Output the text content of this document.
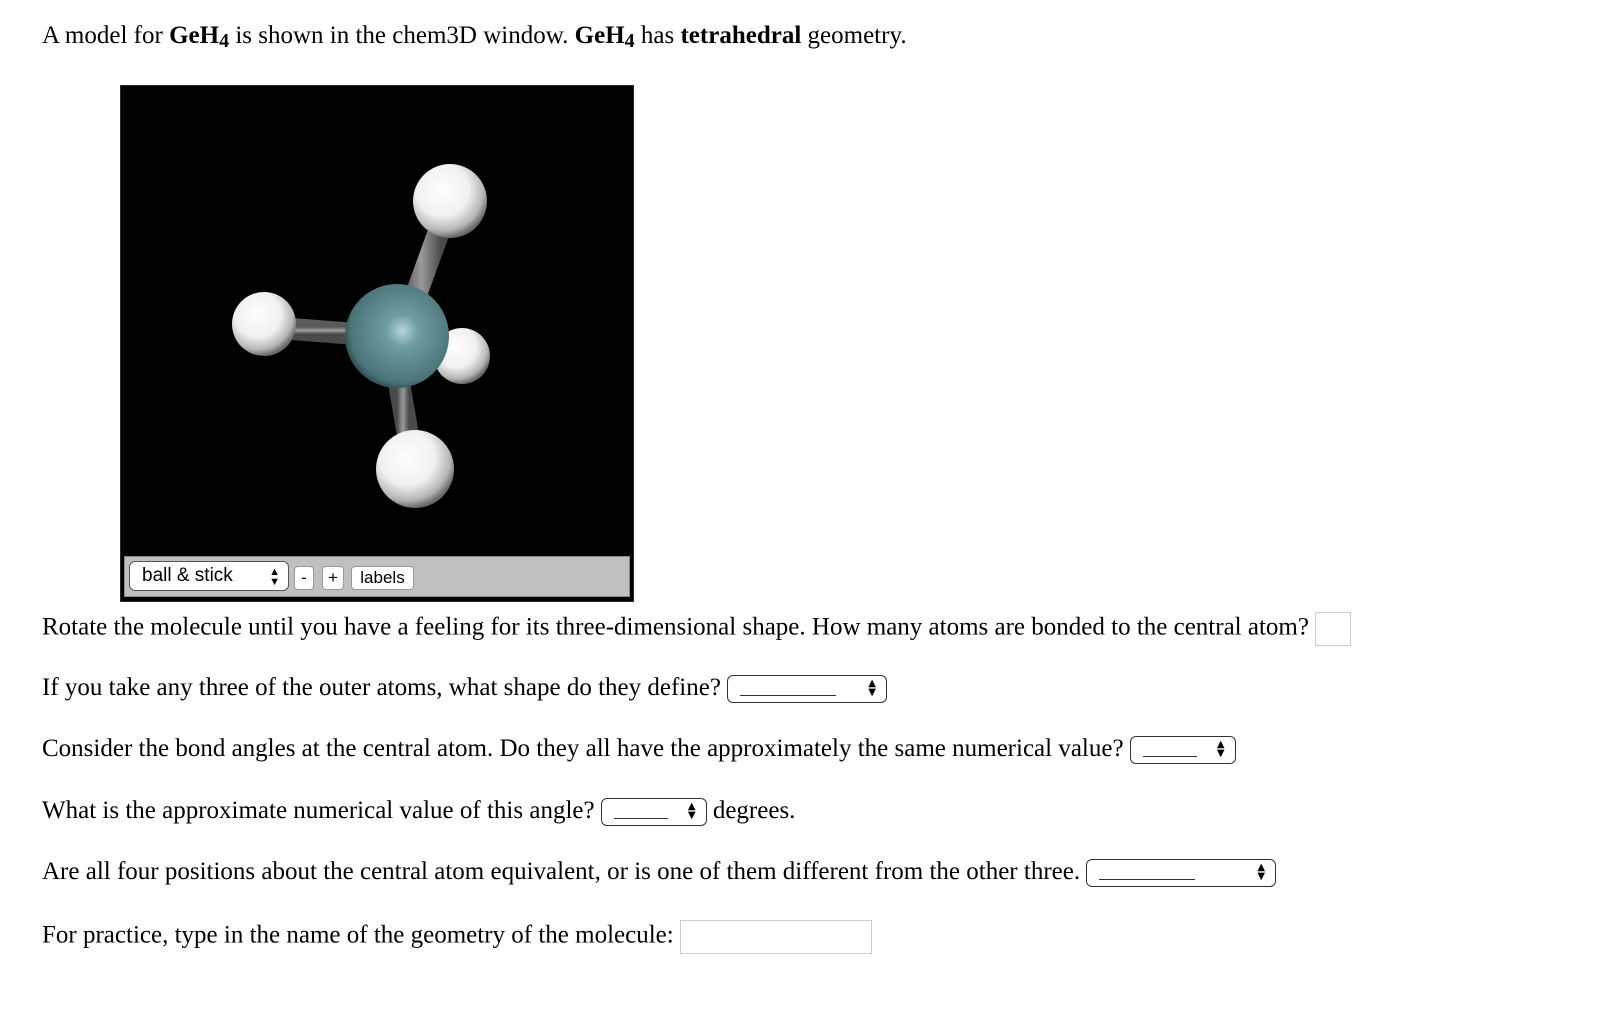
A model for GeH$_4$ is shown in the chem3D window. GeH$_4$ has tetrahedral geometry.
ball & stick	▲
▼	-	+	labels
Rotate the molecule until you have a feeling for its three-dimensional shape. How many atoms are bonded to the central atom?
If you take any three of the outer atoms, what shape do they define?	▲
▼
Consider the bond angles at the central atom. Do they all have the approximately the same numerical value?	▲
▼
What is the approximate numerical value of this angle?	▲
▼ degrees.
Are all four positions about the central atom equivalent, or is one of them different from the other three.	▲
▼
For practice, type in the name of the geometry of the molecule:
